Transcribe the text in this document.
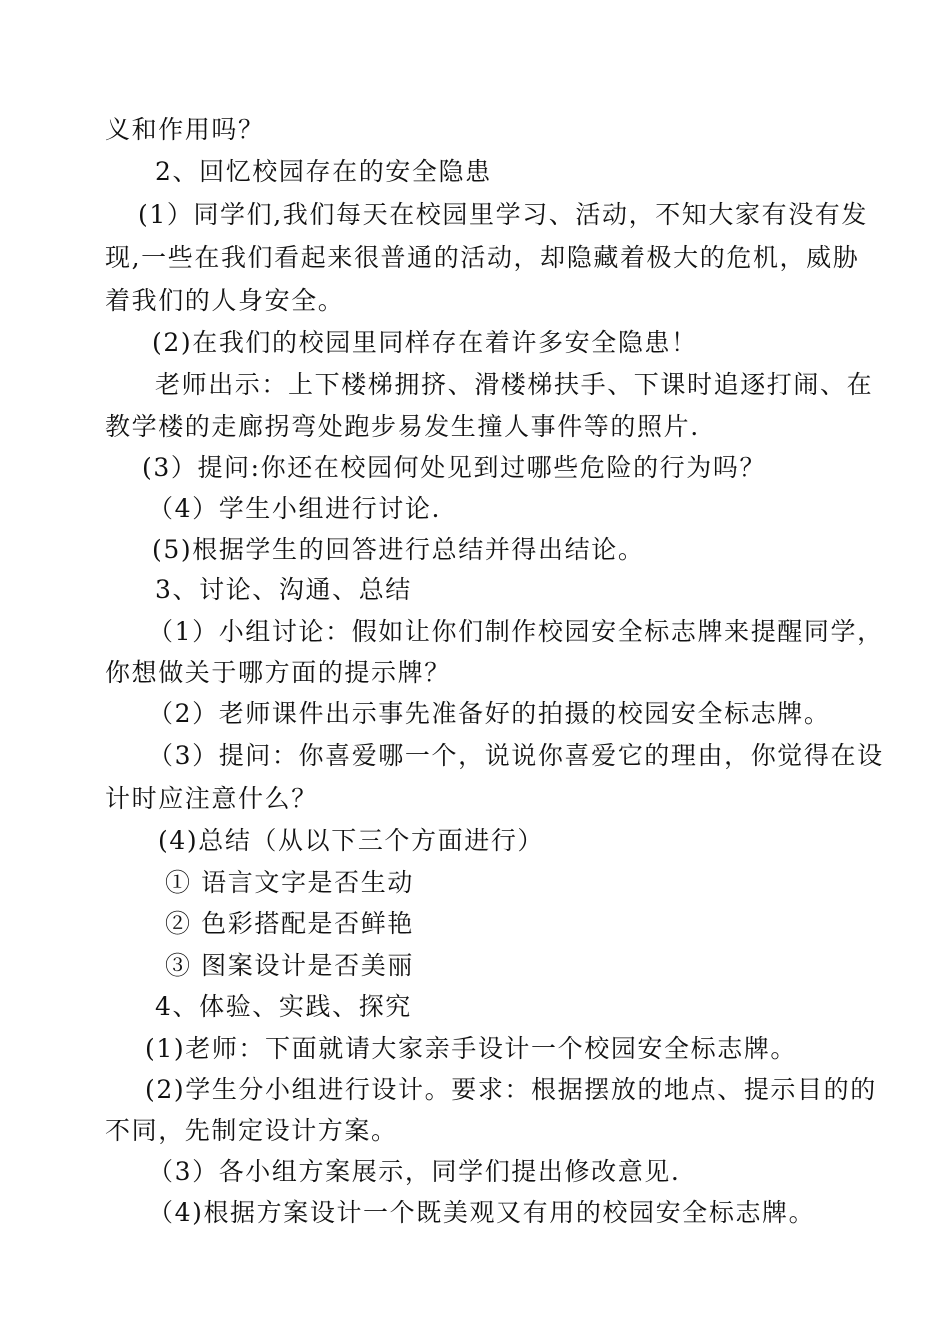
义和作用吗？
2、回忆校园存在的安全隐患
(1）同学们,我们每天在校园里学习、活动，不知大家有没有发
现,一些在我们看起来很普通的活动，却隐藏着极大的危机，威胁
着我们的人身安全。
(2)在我们的校园里同样存在着许多安全隐患！
老师出示：上下楼梯拥挤、滑楼梯扶手、下课时追逐打闹、在
教学楼的走廊拐弯处跑步易发生撞人事件等的照片.
(3）提问:你还在校园何处见到过哪些危险的行为吗？
（4）学生小组进行讨论.
(5)根据学生的回答进行总结并得出结论。
3、讨论、沟通、总结
（1）小组讨论：假如让你们制作校园安全标志牌来提醒同学，
你想做关于哪方面的提示牌？
（2）老师课件出示事先准备好的拍摄的校园安全标志牌。
（3）提问：你喜爱哪一个，说说你喜爱它的理由，你觉得在设
计时应注意什么？
(4)总结（从以下三个方面进行）
① 语言文字是否生动
② 色彩搭配是否鲜艳
③ 图案设计是否美丽
4、体验、实践、探究
(1)老师：下面就请大家亲手设计一个校园安全标志牌。
(2)学生分小组进行设计。要求：根据摆放的地点、提示目的的
不同，先制定设计方案。
（3）各小组方案展示，同学们提出修改意见.
（4)根据方案设计一个既美观又有用的校园安全标志牌。
